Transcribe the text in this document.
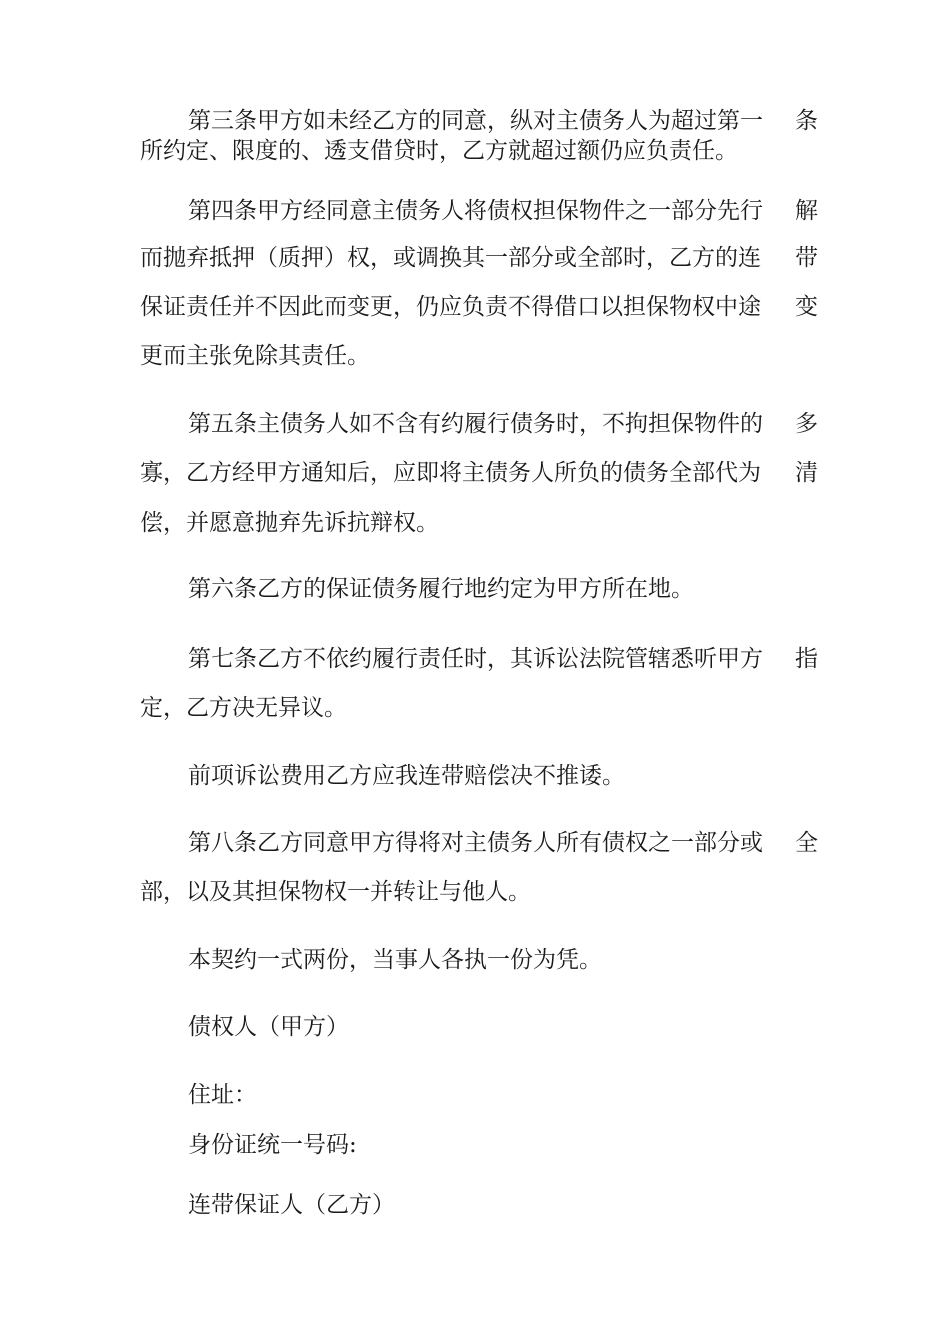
第三条甲方如未经乙方的同意，纵对主债务人为超过第一 条

所约定、限度的、透支借贷时，乙方就超过额仍应负责任。

第四条甲方经同意主债务人将债权担保物件之一部分先行 解

而抛弃抵押（质押）权，或调换其一部分或全部时，乙方的连 带

保证责任并不因此而变更，仍应负责不得借口以担保物权中途 变

更而主张免除其责任。

第五条主债务人如不含有约履行债务时，不拘担保物件的 多

寡，乙方经甲方通知后，应即将主债务人所负的债务全部代为 清

偿，并愿意抛弃先诉抗辩权。

第六条乙方的保证债务履行地约定为甲方所在地。

第七条乙方不依约履行责任时，其诉讼法院管辖悉听甲方 指

定，乙方决无异议。

前项诉讼费用乙方应我连带赔偿决不推诿。

第八条乙方同意甲方得将对主债务人所有债权之一部分或 全

部，以及其担保物权一并转让与他人。

本契约一式两份，当事人各执一份为凭。

债权人（甲方）

住址：

身份证统一号码:

连带保证人（乙方）
